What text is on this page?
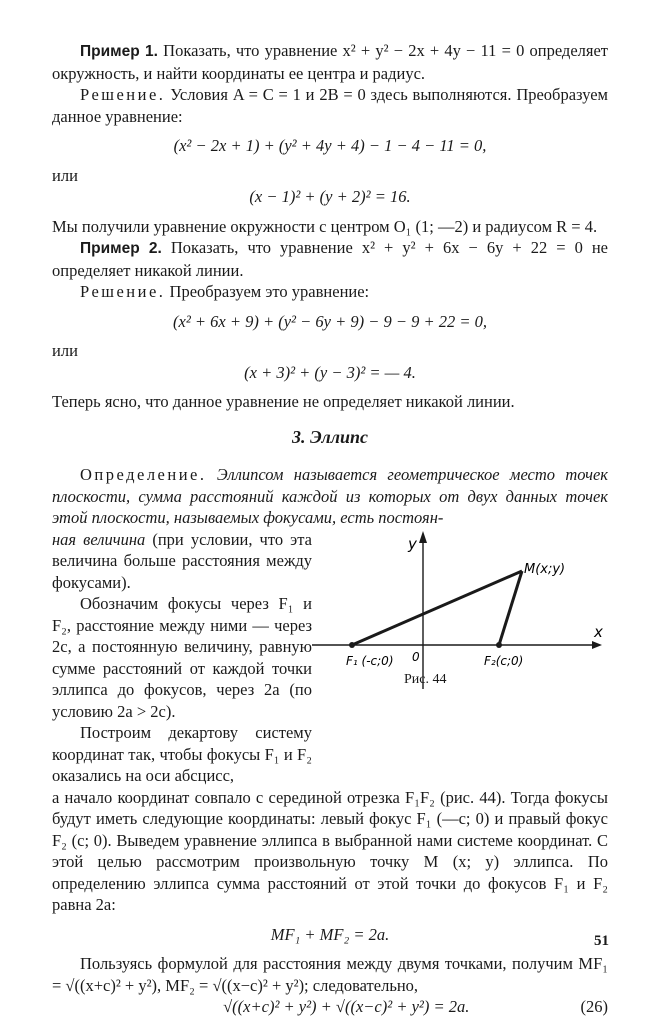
Пример 1. Показать, что уравнение x² + y² − 2x + 4y − 11 = 0 определяет окружность, и найти координаты ее центра и радиус.

Решение. Условия A = C = 1 и 2B = 0 здесь выполняются. Преобразуем данное уравнение:

(x² − 2x + 1) + (y² + 4y + 4) − 1 − 4 − 11 = 0,
или
(x − 1)² + (y + 2)² = 16.

Мы получили уравнение окружности с центром O₁ (1; —2) и радиусом R = 4.

Пример 2. Показать, что уравнение x² + y² + 6x − 6y + 22 = 0 не определяет никакой линии.

Решение. Преобразуем это уравнение:

(x² + 6x + 9) + (y² − 6y + 9) − 9 − 9 + 22 = 0,
или
(x + 3)² + (y − 3)² = — 4.

Теперь ясно, что данное уравнение не определяет никакой линии.

3. Эллипс

Определение. Эллипсом называется геометрическое место точек плоскости, сумма расстояний каждой из которых от двух данных точек этой плоскости, называемых фокусами, есть постоян-

ная величина (при условии, что эта величина больше расстояния между фокусами).

Обозначим фокусы через F₁ и F₂, расстояние между ними — через 2c, а постоянную величину, равную сумме расстояний от каждой точки эллипса до фокусов, через 2a (по условию 2a > 2c).

Построим декартову систему координат так, чтобы фокусы F₁ и F₂ оказались на оси абсцисс,

y
x
M(x;y)
F₁ (-c;0)	F₂(c;0)
0
Рис. 44

а начало координат совпало с серединой отрезка F₁F₂ (рис. 44). Тогда фокусы будут иметь следующие координаты: левый фокус F₁ (—c; 0) и правый фокус F₂ (c; 0). Выведем уравнение эллипса в выбранной нами системе координат. С этой целью рассмотрим произвольную точку M (x; y) эллипса. По определению эллипса сумма расстояний от этой точки до фокусов F₁ и F₂ равна 2a:

MF₁ + MF₂ = 2a.

Пользуясь формулой для расстояния между двумя точками, получим MF₁ = √((x+c)² + y²), MF₂ = √((x−c)² + y²); следовательно,

√((x+c)² + y²) + √((x−c)² + y²) = 2a.	(26)
51
